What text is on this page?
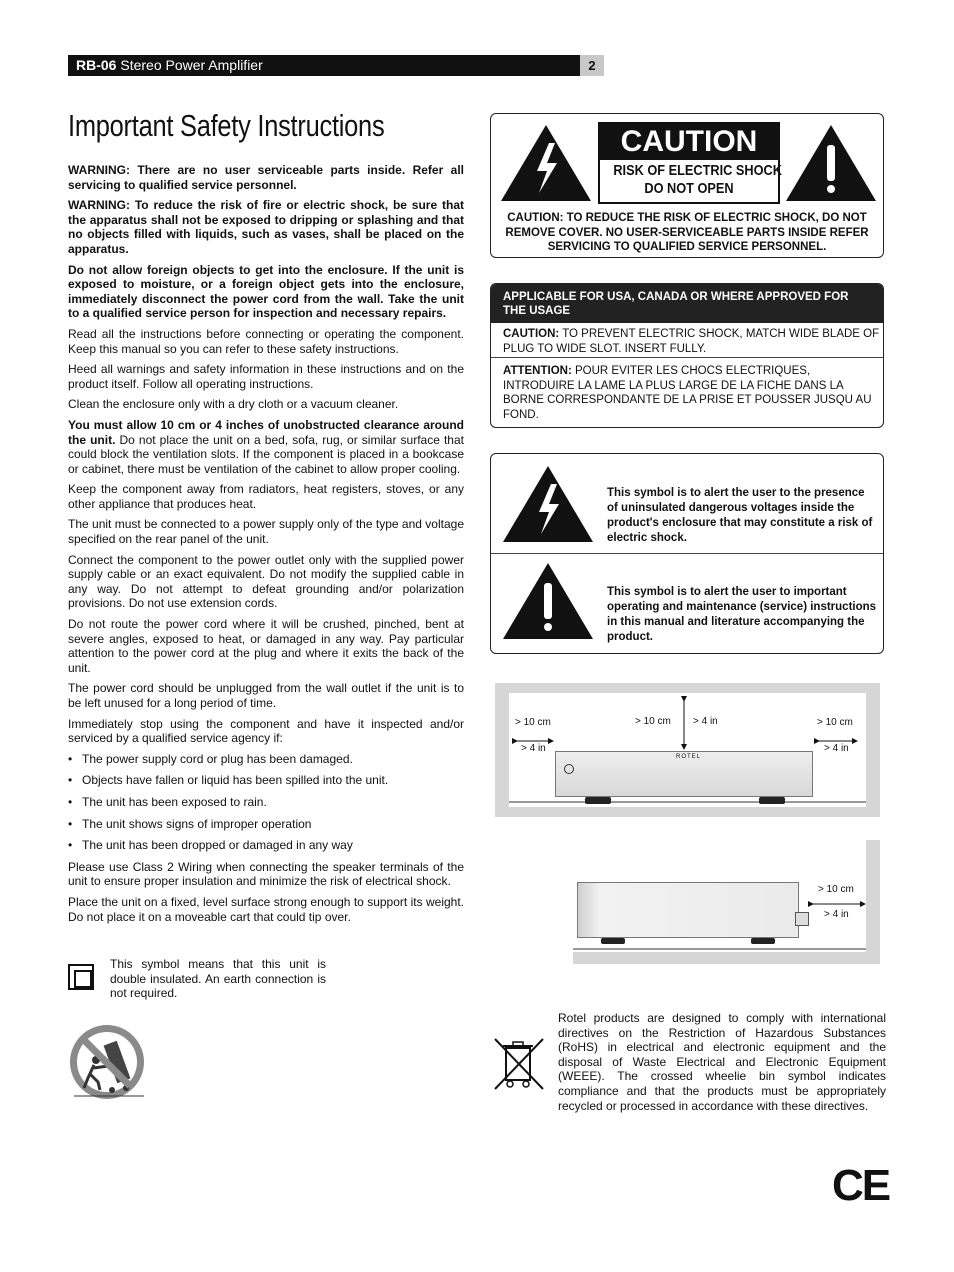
RB-06 Stereo Power Amplifier	2
Important Safety Instructions

WARNING: There are no user serviceable parts inside. Refer all servicing to qualified service personnel.

WARNING: To reduce the risk of fire or electric shock, be sure that the apparatus shall not be exposed to dripping or splashing and that no objects filled with liquids, such as vases, shall be placed on the apparatus.

Do not allow foreign objects to get into the enclosure. If the unit is exposed to moisture, or a foreign object gets into the enclosure, immediately disconnect the power cord from the wall. Take the unit to a qualified service person for inspection and necessary repairs.

Read all the instructions before connecting or operating the component. Keep this manual so you can refer to these safety instructions.

Heed all warnings and safety information in these instructions and on the product itself. Follow all operating instructions.

Clean the enclosure only with a dry cloth or a vacuum cleaner.

You must allow 10 cm or 4 inches of unobstructed clearance around the unit. Do not place the unit on a bed, sofa, rug, or similar surface that could block the ventilation slots. If the component is placed in a bookcase or cabinet, there must be ventilation of the cabinet to allow proper cooling.

Keep the component away from radiators, heat registers, stoves, or any other appliance that produces heat.

The unit must be connected to a power supply only of the type and voltage specified on the rear panel of the unit.

Connect the component to the power outlet only with the supplied power supply cable or an exact equivalent. Do not modify the supplied cable in any way. Do not attempt to defeat grounding and/or polarization provisions. Do not use extension cords.

Do not route the power cord where it will be crushed, pinched, bent at severe angles, exposed to heat, or damaged in any way. Pay particular attention to the power cord at the plug and where it exits the back of the unit.

The power cord should be unplugged from the wall outlet if the unit is to be left unused for a long period of time.

Immediately stop using the component and have it inspected and/or serviced by a qualified service agency if:

• The power supply cord or plug has been damaged.
• Objects have fallen or liquid has been spilled into the unit.
• The unit has been exposed to rain.
• The unit shows signs of improper operation
• The unit has been dropped or damaged in any way

Please use Class 2 Wiring when connecting the speaker terminals of the unit to ensure proper insulation and minimize the risk of electrical shock.

Place the unit on a fixed, level surface strong enough to support its weight. Do not place it on a moveable cart that could tip over.

This symbol means that this unit is double insulated. An earth connection is not required.
CAUTION
RISK OF ELECTRIC SHOCK
DO NOT OPEN
CAUTION: TO REDUCE THE RISK OF ELECTRIC SHOCK, DO NOT REMOVE COVER. NO USER-SERVICEABLE PARTS INSIDE REFER SERVICING TO QUALIFIED SERVICE PERSONNEL.
APPLICABLE FOR USA, CANADA OR WHERE APPROVED FOR THE USAGE
CAUTION: TO PREVENT ELECTRIC SHOCK, MATCH WIDE BLADE OF PLUG TO WIDE SLOT. INSERT FULLY.
ATTENTION: POUR EVITER LES CHOCS ELECTRIQUES, INTRODUIRE LA LAME LA PLUS LARGE DE LA FICHE DANS LA BORNE CORRESPONDANTE DE LA PRISE ET POUSSER JUSQU AU FOND.
This symbol is to alert the user to the presence of uninsulated dangerous voltages inside the product's enclosure that may constitute a risk of electric shock.
This symbol is to alert the user to important operating and maintenance (service) instructions in this manual and literature accompanying the product.
ROTEL
> 10 cm
> 4 in
> 10 cm > 4 in	> 10 cm
> 4 in
> 10 cm
> 4 in
Rotel products are designed to comply with international directives on the Restriction of Hazardous Substances (RoHS) in electrical and electronic equipment and the disposal of Waste Electrical and Electronic Equipment (WEEE). The crossed wheelie bin symbol indicates compliance and that the products must be appropriately recycled or processed in accordance with these directives.
CE
